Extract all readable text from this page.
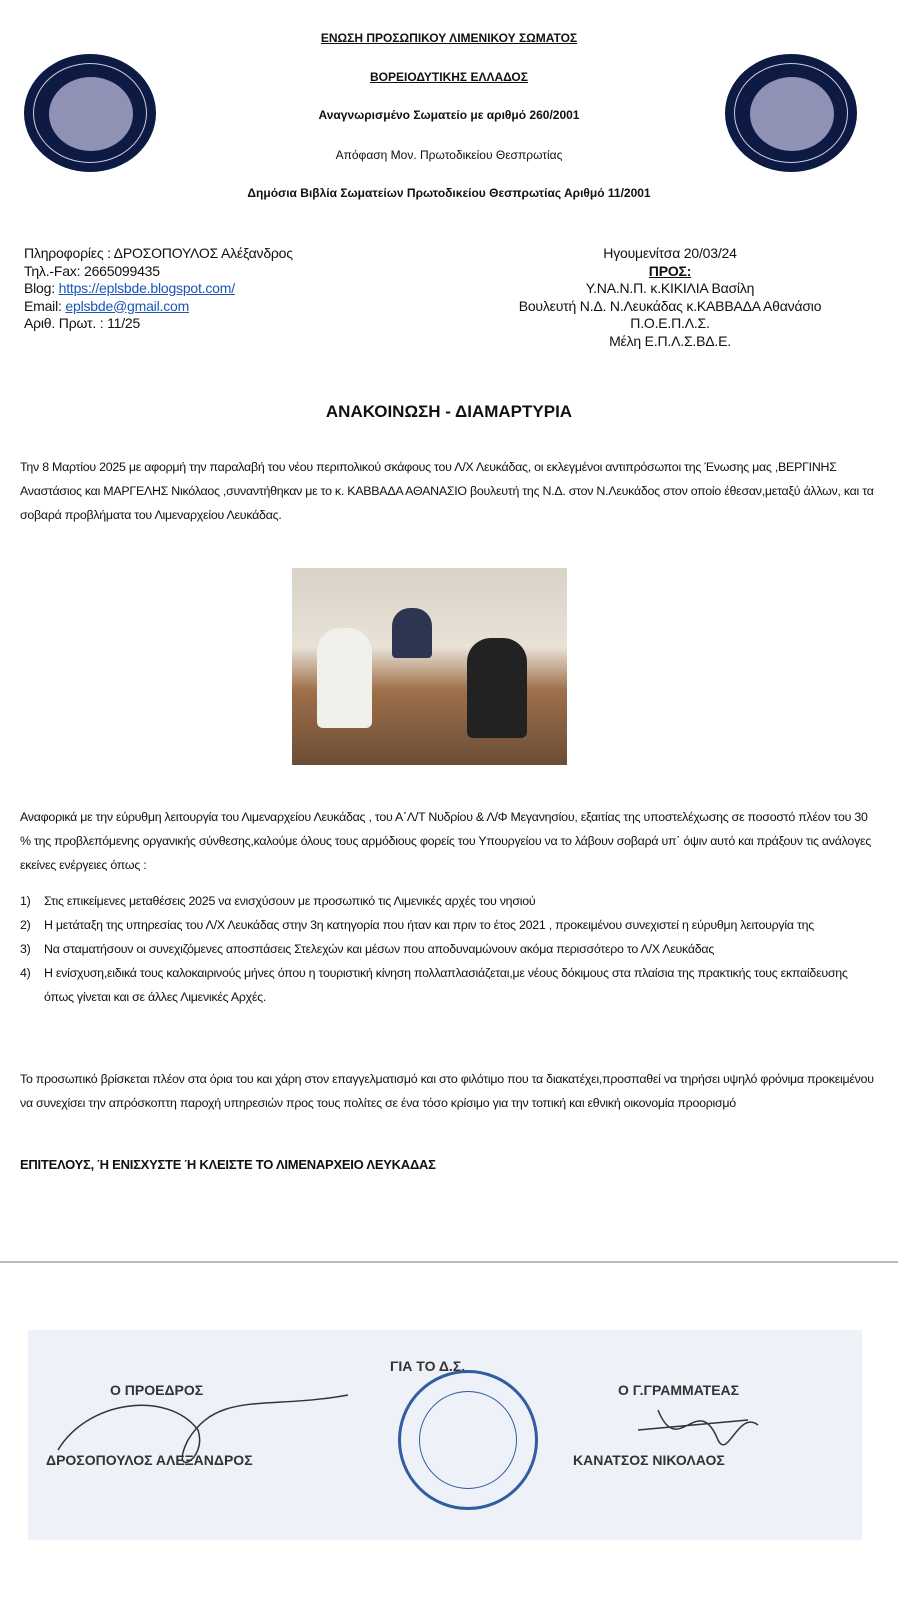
ΕΝΩΣΗ ΠΡΟΣΩΠΙΚΟΥ ΛΙΜΕΝΙΚΟΥ ΣΩΜΑΤΟΣ
ΒΟΡΕΙΟΔΥΤΙΚΗΣ ΕΛΛΑΔΟΣ
Αναγνωρισμένο Σωματείο με αριθμό 260/2001
Απόφαση Μον. Πρωτοδικείου Θεσπρωτίας
Δημόσια Βιβλία Σωματείων Πρωτοδικείου Θεσπρωτίας Αριθμό 11/2001
Πληροφορίες : ΔΡΟΣΟΠΟΥΛΟΣ Αλέξανδρος
Τηλ.-Fax: 2665099435
Blog: https://eplsbde.blogspot.com/
Email: eplsbde@gmail.com
Αριθ. Πρωτ. : 11/25
Ηγουμενίτσα 20/03/24
ΠΡΟΣ:
Υ.ΝΑ.Ν.Π. κ.ΚΙΚΙΛΙΑ Βασίλη
Βουλευτή Ν.Δ. Ν.Λευκάδας κ.ΚΑΒΒΑΔΑ Αθανάσιο
Π.Ο.Ε.Π.Λ.Σ.
Μέλη Ε.Π.Λ.Σ.ΒΔ.Ε.
ΑΝΑΚΟΙΝΩΣΗ - ΔΙΑΜΑΡΤΥΡΙΑ
Την 8 Μαρτίου 2025 με αφορμή την παραλαβή του νέου περιπολικού σκάφους του Λ/Χ Λευκάδας, οι εκλεγμένοι αντιπρόσωποι της Ένωσης μας ,ΒΕΡΓΙΝΗΣ Αναστάσιος και ΜΑΡΓΕΛΗΣ Νικόλαος ,συναντήθηκαν με το κ. ΚΑΒΒΑΔΑ ΑΘΑΝΑΣΙΟ βουλευτή της Ν.Δ. στον Ν.Λευκάδος στον οποίο έθεσαν,μεταξύ άλλων, και τα σοβαρά προβλήματα του Λιμεναρχείου Λευκάδας.
Αναφορικά με την εύρυθμη λειτουργία του Λιμεναρχείου Λευκάδας , του Α΄Λ/Τ Νυδρίου & Λ/Φ Μεγανησίου, εξαιτίας της υποστελέχωσης σε ποσοστό πλέον του 30 % της προβλεπόμενης οργανικής σύνθεσης,καλούμε όλους τους αρμόδιους φορείς του Υπουργείου να το λάβουν σοβαρά υπ΄ όψιν αυτό και πράξουν τις ανάλογες εκείνες ενέργειες όπως :
1)	Στις επικείμενες μεταθέσεις 2025 να ενισχύσουν με προσωπικό τις Λιμενικές αρχές του νησιού
2)	Η μετάταξη της υπηρεσίας του Λ/Χ Λευκάδας στην 3η κατηγορία που ήταν και πριν το έτος 2021 , προκειμένου συνεχιστεί η εύρυθμη λειτουργία της
3)	Να σταματήσουν οι συνεχιζόμενες αποσπάσεις Στελεχών και μέσων που αποδυναμώνουν ακόμα περισσότερο το Λ/Χ Λευκάδας
4)	Η ενίσχυση,ειδικά τους καλοκαιρινούς μήνες όπου η τουριστική κίνηση πολλαπλασιάζεται,με νέους δόκιμους στα πλαίσια της πρακτικής τους εκπαίδευσης όπως γίνεται και σε άλλες Λιμενικές Αρχές.
Το προσωπικό βρίσκεται πλέον στα όρια του και χάρη στον επαγγελματισμό και στο φιλότιμο που τα διακατέχει,προσπαθεί να τηρήσει υψηλό φρόνιμα προκειμένου να συνεχίσει την απρόσκοπτη παροχή υπηρεσιών προς τους πολίτες σε ένα τόσο κρίσιμο για την τοπική και εθνική οικονομία προορισμό
ΕΠΙΤΕΛΟΥΣ, Ή ΕΝΙΣΧΥΣΤΕ Ή ΚΛΕΙΣΤΕ ΤΟ ΛΙΜΕΝΑΡΧΕΙΟ ΛΕΥΚΑΔΑΣ
ΓΙΑ ΤΟ Δ.Σ.
Ο ΠΡΟΕΔΡΟΣ
ΔΡΟΣΟΠΟΥΛΟΣ ΑΛΕΞΑΝΔΡΟΣ
Ο Γ.ΓΡΑΜΜΑΤΕΑΣ
ΚΑΝΑΤΣΟΣ ΝΙΚΟΛΑΟΣ
